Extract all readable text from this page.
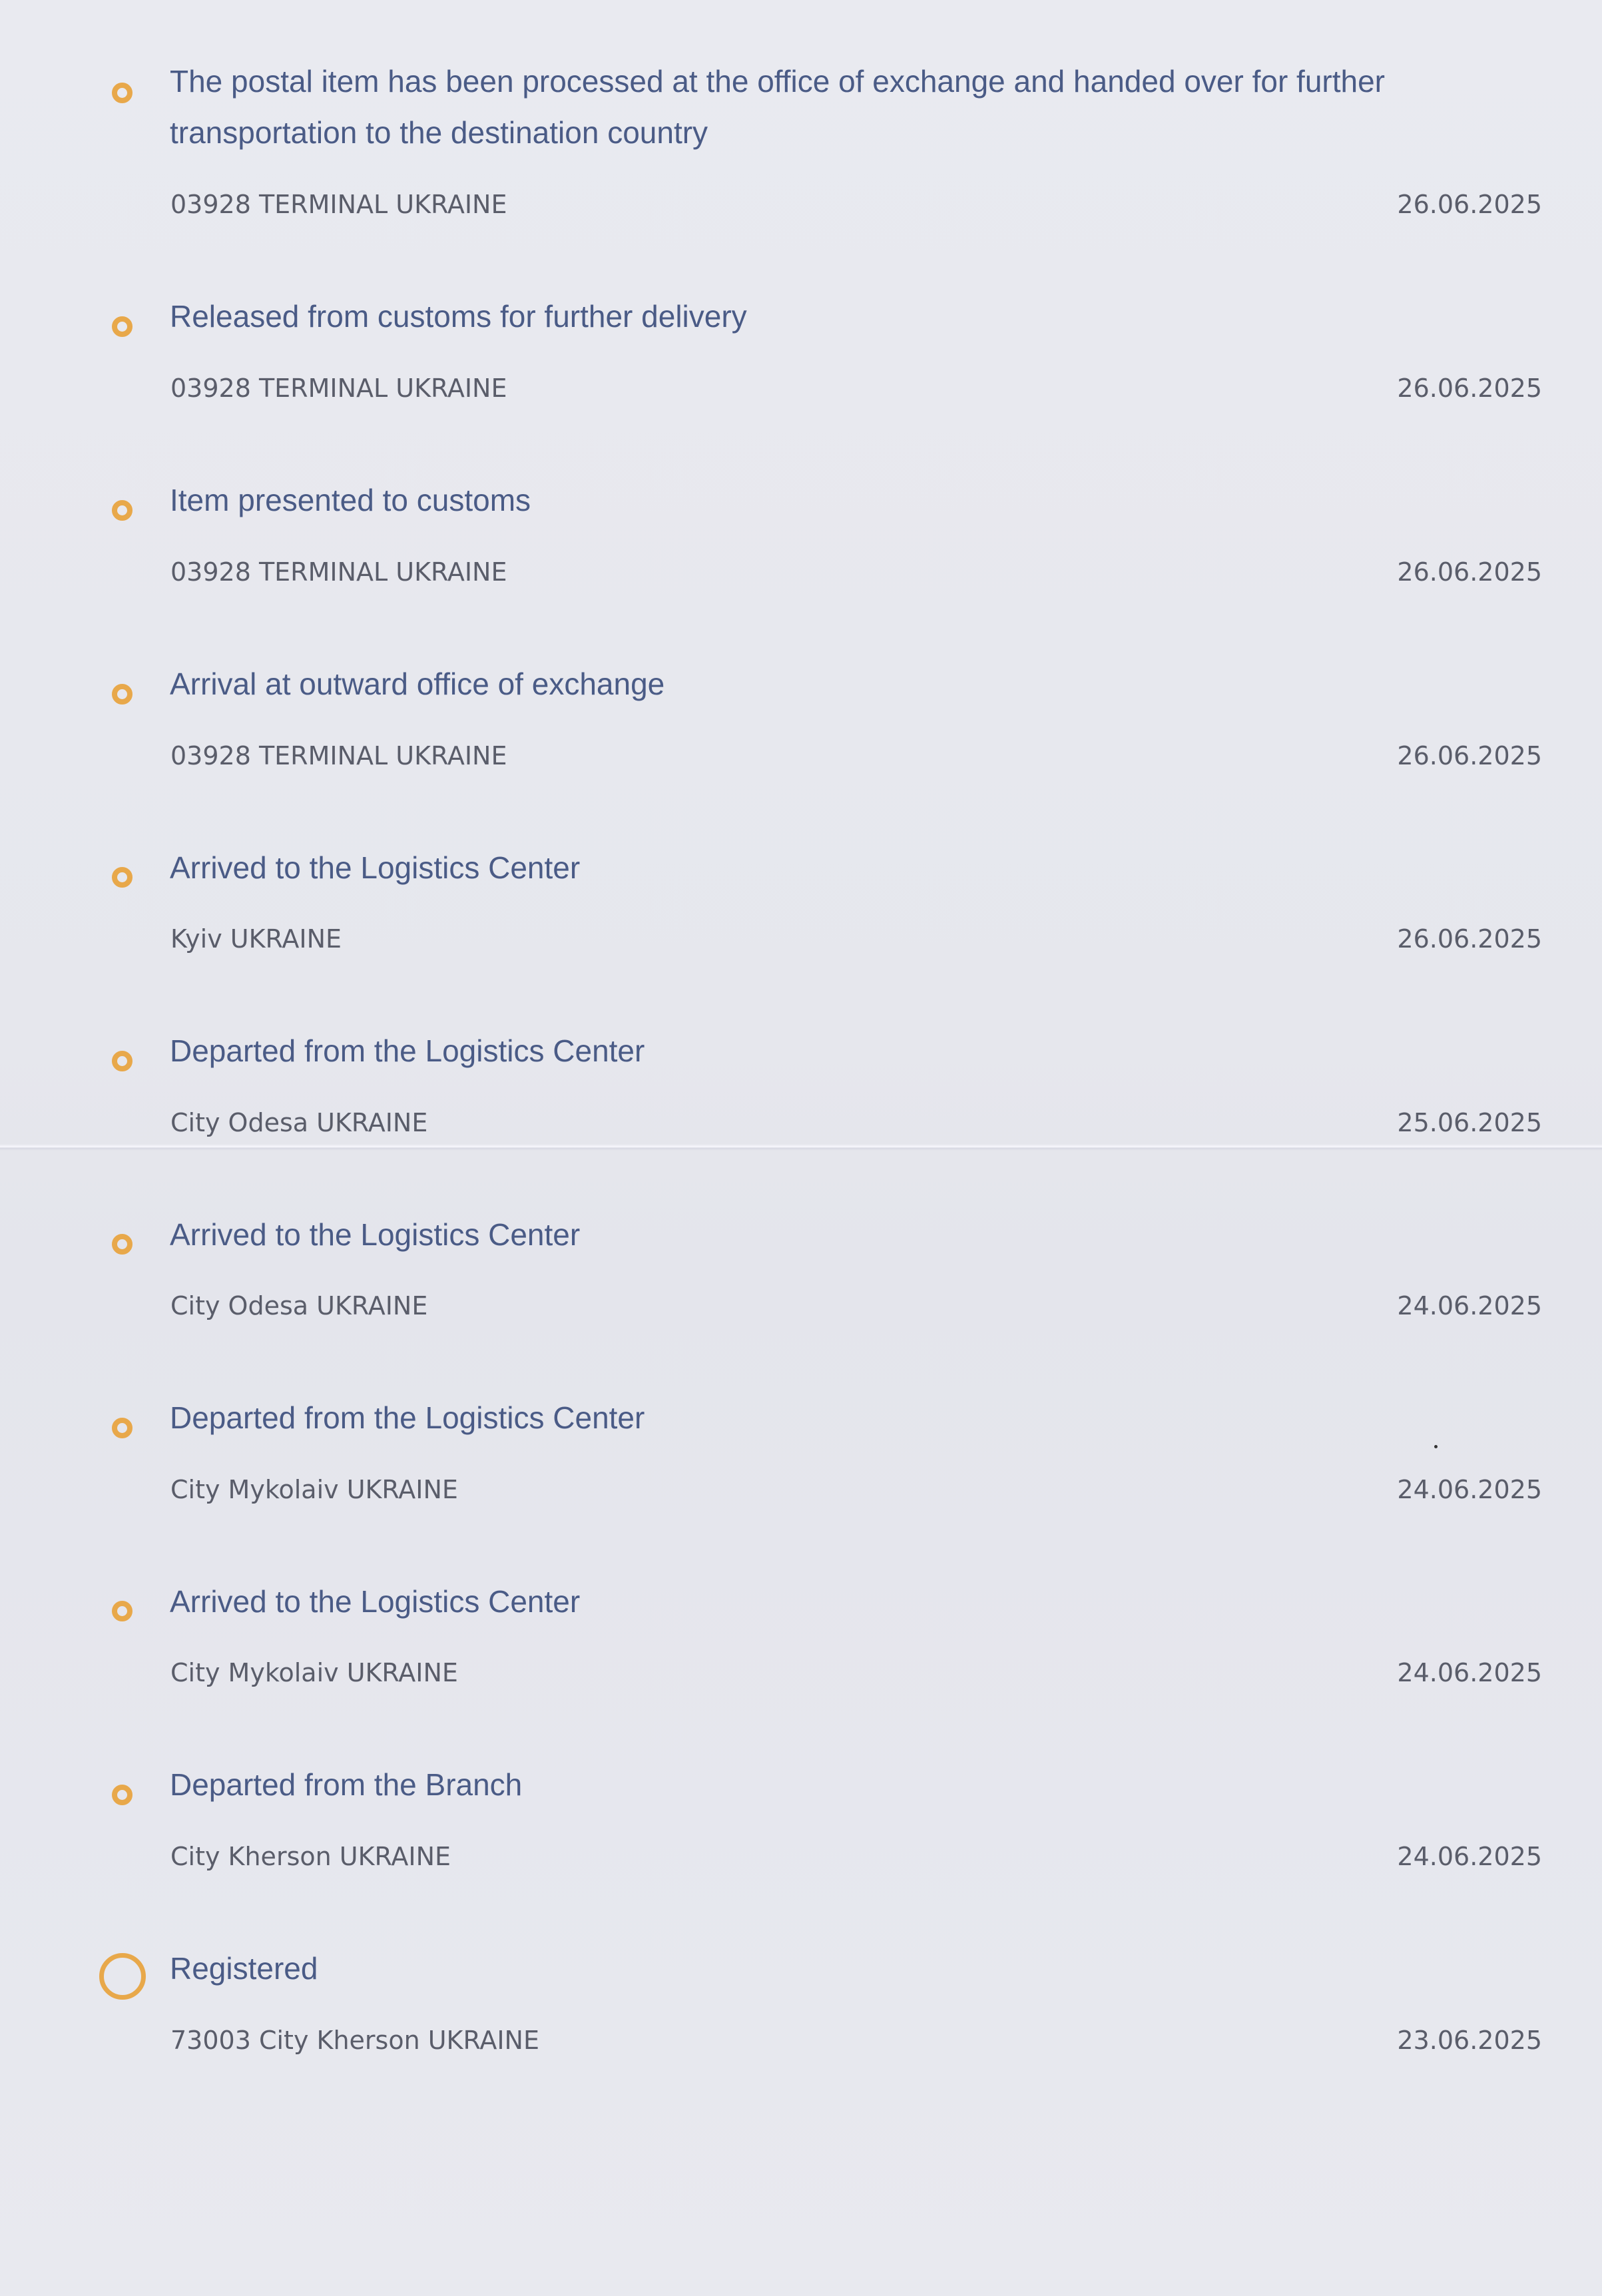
The postal item has been processed at the office of exchange and handed over for further transportation to the destination country
03928 TERMINAL UKRAINE	26.06.2025
Released from customs for further delivery
03928 TERMINAL UKRAINE	26.06.2025
Item presented to customs
03928 TERMINAL UKRAINE	26.06.2025
Arrival at outward office of exchange
03928 TERMINAL UKRAINE	26.06.2025
Arrived to the Logistics Center
Kyiv UKRAINE	26.06.2025
Departed from the Logistics Center
City Odesa UKRAINE	25.06.2025
Arrived to the Logistics Center
City Odesa UKRAINE	24.06.2025
Departed from the Logistics Center
City Mykolaiv UKRAINE	24.06.2025
Arrived to the Logistics Center
City Mykolaiv UKRAINE	24.06.2025
Departed from the Branch
City Kherson UKRAINE	24.06.2025
Registered
73003 City Kherson UKRAINE	23.06.2025
